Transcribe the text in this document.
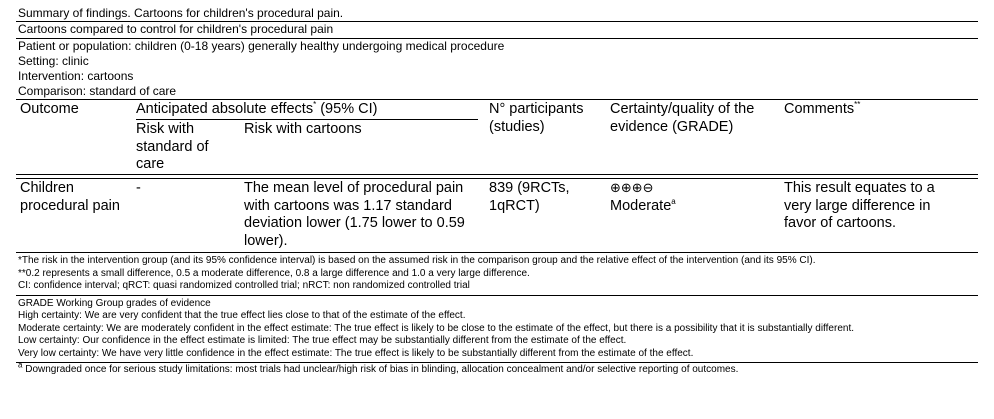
Summary of findings. Cartoons for children's procedural pain.
Cartoons compared to control for children's procedural pain
Patient or population: children (0-18 years) generally healthy undergoing medical procedure
Setting: clinic
Intervention: cartoons
Comparison: standard of care
Outcome	Anticipated absolute effects* (95% CI)
Risk with standard of care
Risk with cartoons
N° participants (studies)
Certainty/quality of the evidence (GRADE)
Comments**
Children procedural pain
-	The mean level of procedural pain with cartoons was 1.17 standard deviation lower (1.75 lower to 0.59 lower).
839 (9RCTs, 1qRCT)
⊕⊕⊕⊖
Moderate$^a$
This result equates to a very large difference in favor of cartoons.
*The risk in the intervention group (and its 95% confidence interval) is based on the assumed risk in the comparison group and the relative effect of the intervention (and its 95% CI).
**0.2 represents a small difference, 0.5 a moderate difference, 0.8 a large difference and 1.0 a very large difference.
CI: confidence interval; qRCT: quasi randomized controlled trial; nRCT: non randomized controlled trial
GRADE Working Group grades of evidence
High certainty: We are very confident that the true effect lies close to that of the estimate of the effect.
Moderate certainty: We are moderately confident in the effect estimate: The true effect is likely to be close to the estimate of the effect, but there is a possibility that it is substantially different.
Low certainty: Our confidence in the effect estimate is limited: The true effect may be substantially different from the estimate of the effect.
Very low certainty: We have very little confidence in the effect estimate: The true effect is likely to be substantially different from the estimate of the effect.
$^a$ Downgraded once for serious study limitations: most trials had unclear/high risk of bias in blinding, allocation concealment and/or selective reporting of outcomes.
